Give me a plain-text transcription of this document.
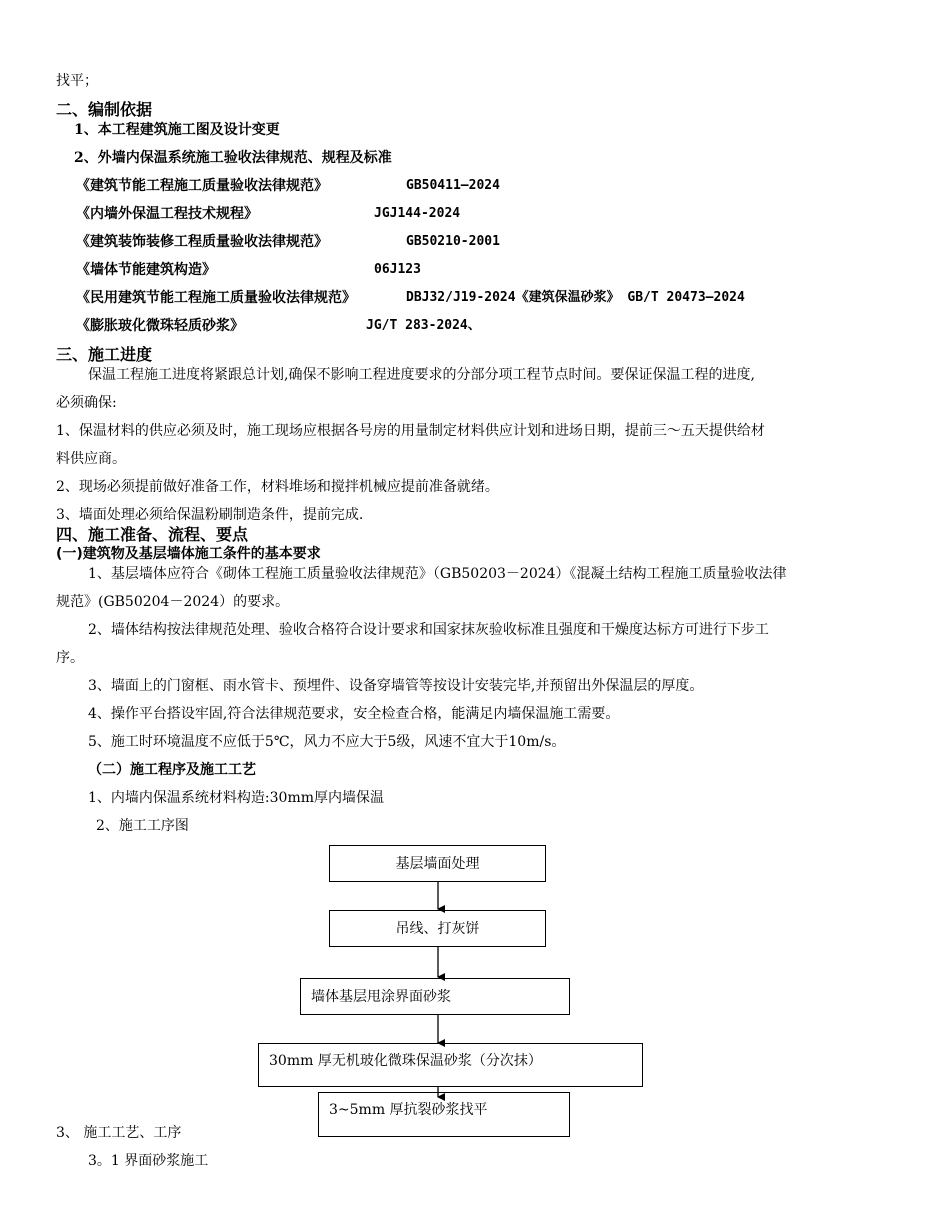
找平；
二、编制依据
1、本工程建筑施工图及设计变更
2、外墙内保温系统施工验收法律规范、规程及标准
《建筑节能工程施工质量验收法律规范》	GB50411—2024
《内墙外保温工程技术规程》	JGJ144-2024
《建筑装饰装修工程质量验收法律规范》	GB50210-2001
《墙体节能建筑构造》	06J123
《民用建筑节能工程施工质量验收法律规范》	DBJ32/J19-2024《建筑保温砂浆》 GB/T 20473—2024
《膨胀玻化微珠轻质砂浆》	JG/T 283-2024、
三、施工进度
保温工程施工进度将紧跟总计划,确保不影响工程进度要求的分部分项工程节点时间。要保证保温工程的进度,
必须确保:
1、保温材料的供应必须及时，施工现场应根据各号房的用量制定材料供应计划和进场日期，提前三～五天提供给材
料供应商。
2、现场必须提前做好准备工作，材料堆场和搅拌机械应提前准备就绪。
3、墙面处理必须给保温粉刷制造条件，提前完成.
四、施工准备、流程、要点
(一)建筑物及基层墙体施工条件的基本要求
1、基层墙体应符合《砌体工程施工质量验收法律规范》（GB50203－2024）《混凝土结构工程施工质量验收法律
规范》(GB50204－2024）的要求。
2、墙体结构按法律规范处理、验收合格符合设计要求和国家抹灰验收标准且强度和干燥度达标方可进行下步工
序。
3、墙面上的门窗框、雨水管卡、预埋件、设备穿墙管等按设计安装完毕,并预留出外保温层的厚度。
4、操作平台搭设牢固,符合法律规范要求，安全检查合格，能满足内墙保温施工需要。
5、施工时环境温度不应低于5℃，风力不应大于5级，风速不宜大于10m/s。
（二）施工程序及施工工艺
1、内墙内保温系统材料构造:30mm厚内墙保温
2、施工工序图
基层墙面处理
吊线、打灰饼
墙体基层甩涂界面砂浆
30mm 厚无机玻化微珠保温砂浆（分次抹）
3~5mm 厚抗裂砂浆找平
3、 施工工艺、工序
3。1 界面砂浆施工
